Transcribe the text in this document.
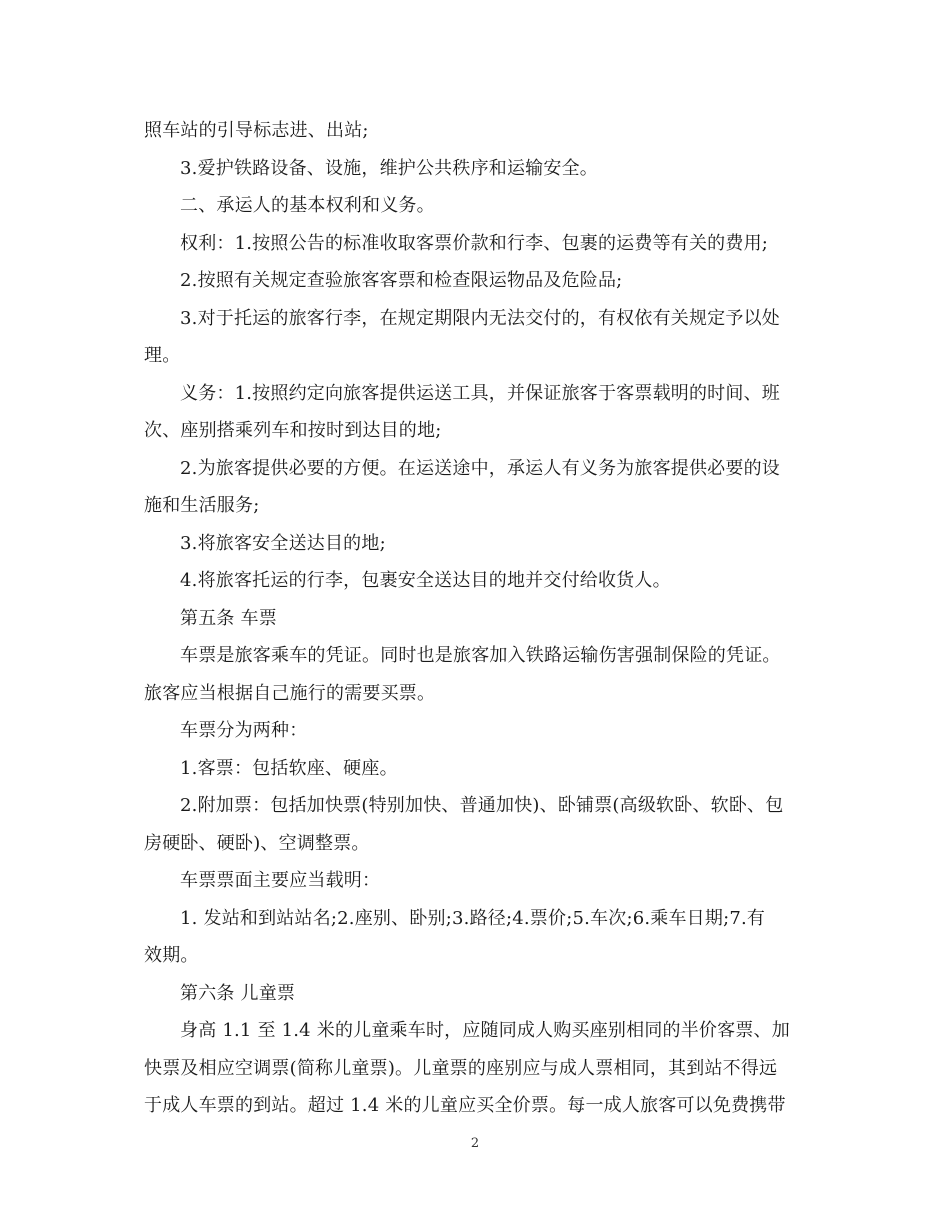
照车站的引导标志进、出站;

3.爱护铁路设备、设施，维护公共秩序和运输安全。

二、承运人的基本权利和义务。

权利：1.按照公告的标准收取客票价款和行李、包裹的运费等有关的费用;

2.按照有关规定查验旅客客票和检查限运物品及危险品;

3.对于托运的旅客行李，在规定期限内无法交付的，有权依有关规定予以处

理。

义务：1.按照约定向旅客提供运送工具，并保证旅客于客票载明的时间、班

次、座别搭乘列车和按时到达目的地;

2.为旅客提供必要的方便。在运送途中，承运人有义务为旅客提供必要的设

施和生活服务;

3.将旅客安全送达目的地;

4.将旅客托运的行李，包裹安全送达目的地并交付给收货人。

第五条 车票

车票是旅客乘车的凭证。同时也是旅客加入铁路运输伤害强制保险的凭证。

旅客应当根据自己施行的需要买票。

车票分为两种：

1.客票：包括软座、硬座。

2.附加票：包括加快票(特别加快、普通加快)、卧铺票(高级软卧、软卧、包

房硬卧、硬卧)、空调整票。

车票票面主要应当载明：

1. 发站和到站站名;2.座别、卧别;3.路径;4.票价;5.车次;6.乘车日期;7.有

效期。

第六条 儿童票

身高 1.1 至 1.4 米的儿童乘车时，应随同成人购买座别相同的半价客票、加

快票及相应空调票(简称儿童票)。儿童票的座别应与成人票相同，其到站不得远

于成人车票的到站。超过 1.4 米的儿童应买全价票。每一成人旅客可以免费携带

2
